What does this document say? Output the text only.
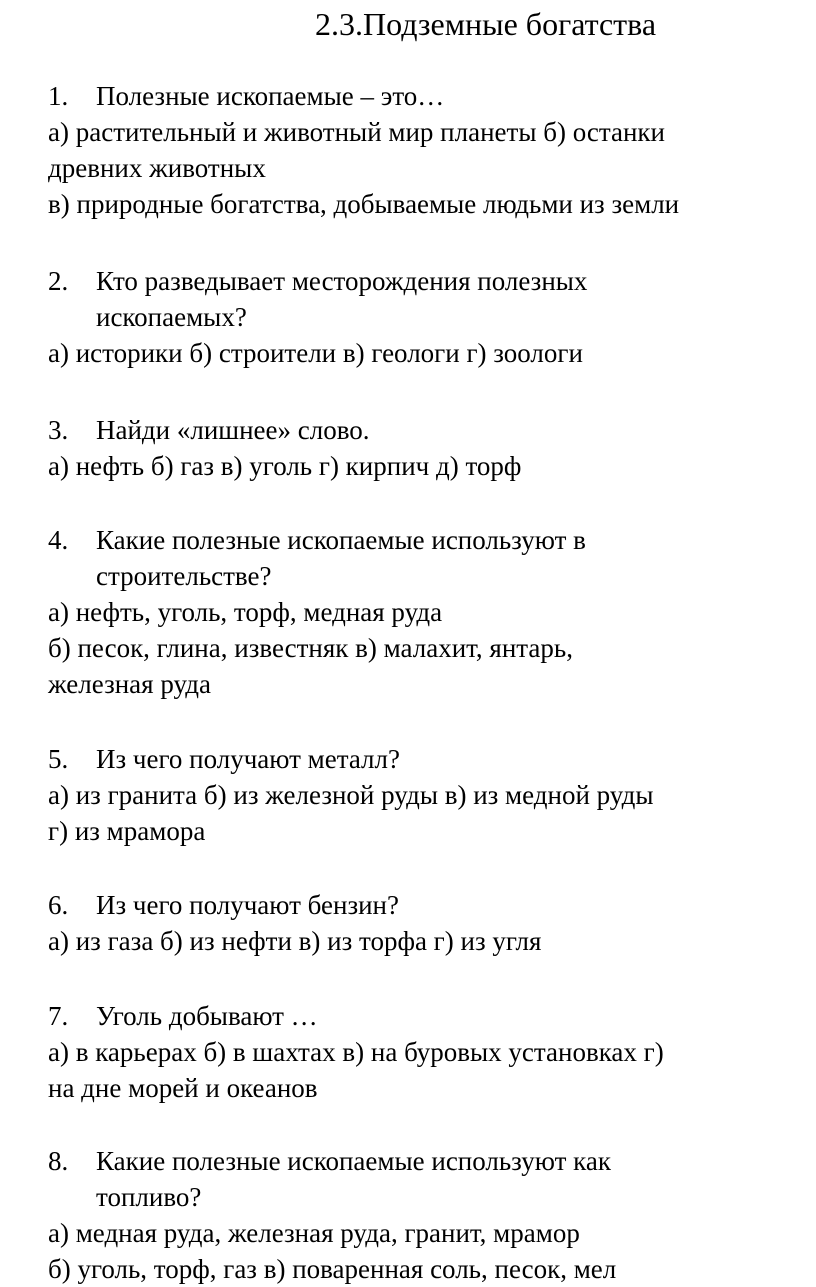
2.3.Подземные богатства
1. Полезные ископаемые – это…
а) растительный и животный мир планеты б) останки
древних животных
в) природные богатства, добываемые людьми из земли
2. Кто разведывает месторождения полезных
ископаемых?
а) историки б) строители в) геологи г) зоологи
3. Найди «лишнее» слово.
а) нефть б) газ в) уголь г) кирпич д) торф
4. Какие полезные ископаемые используют в
строительстве?
а) нефть, уголь, торф, медная руда
б) песок, глина, известняк в) малахит, янтарь,
железная руда
5. Из чего получают металл?
а) из гранита б) из железной руды в) из медной руды
г) из мрамора
6. Из чего получают бензин?
а) из газа б) из нефти в) из торфа г) из угля
7. Уголь добывают …
а) в карьерах б) в шахтах в) на буровых установках г)
на дне морей и океанов
8. Какие полезные ископаемые используют как
топливо?
а) медная руда, железная руда, гранит, мрамор
б) уголь, торф, газ в) поваренная соль, песок, мел
